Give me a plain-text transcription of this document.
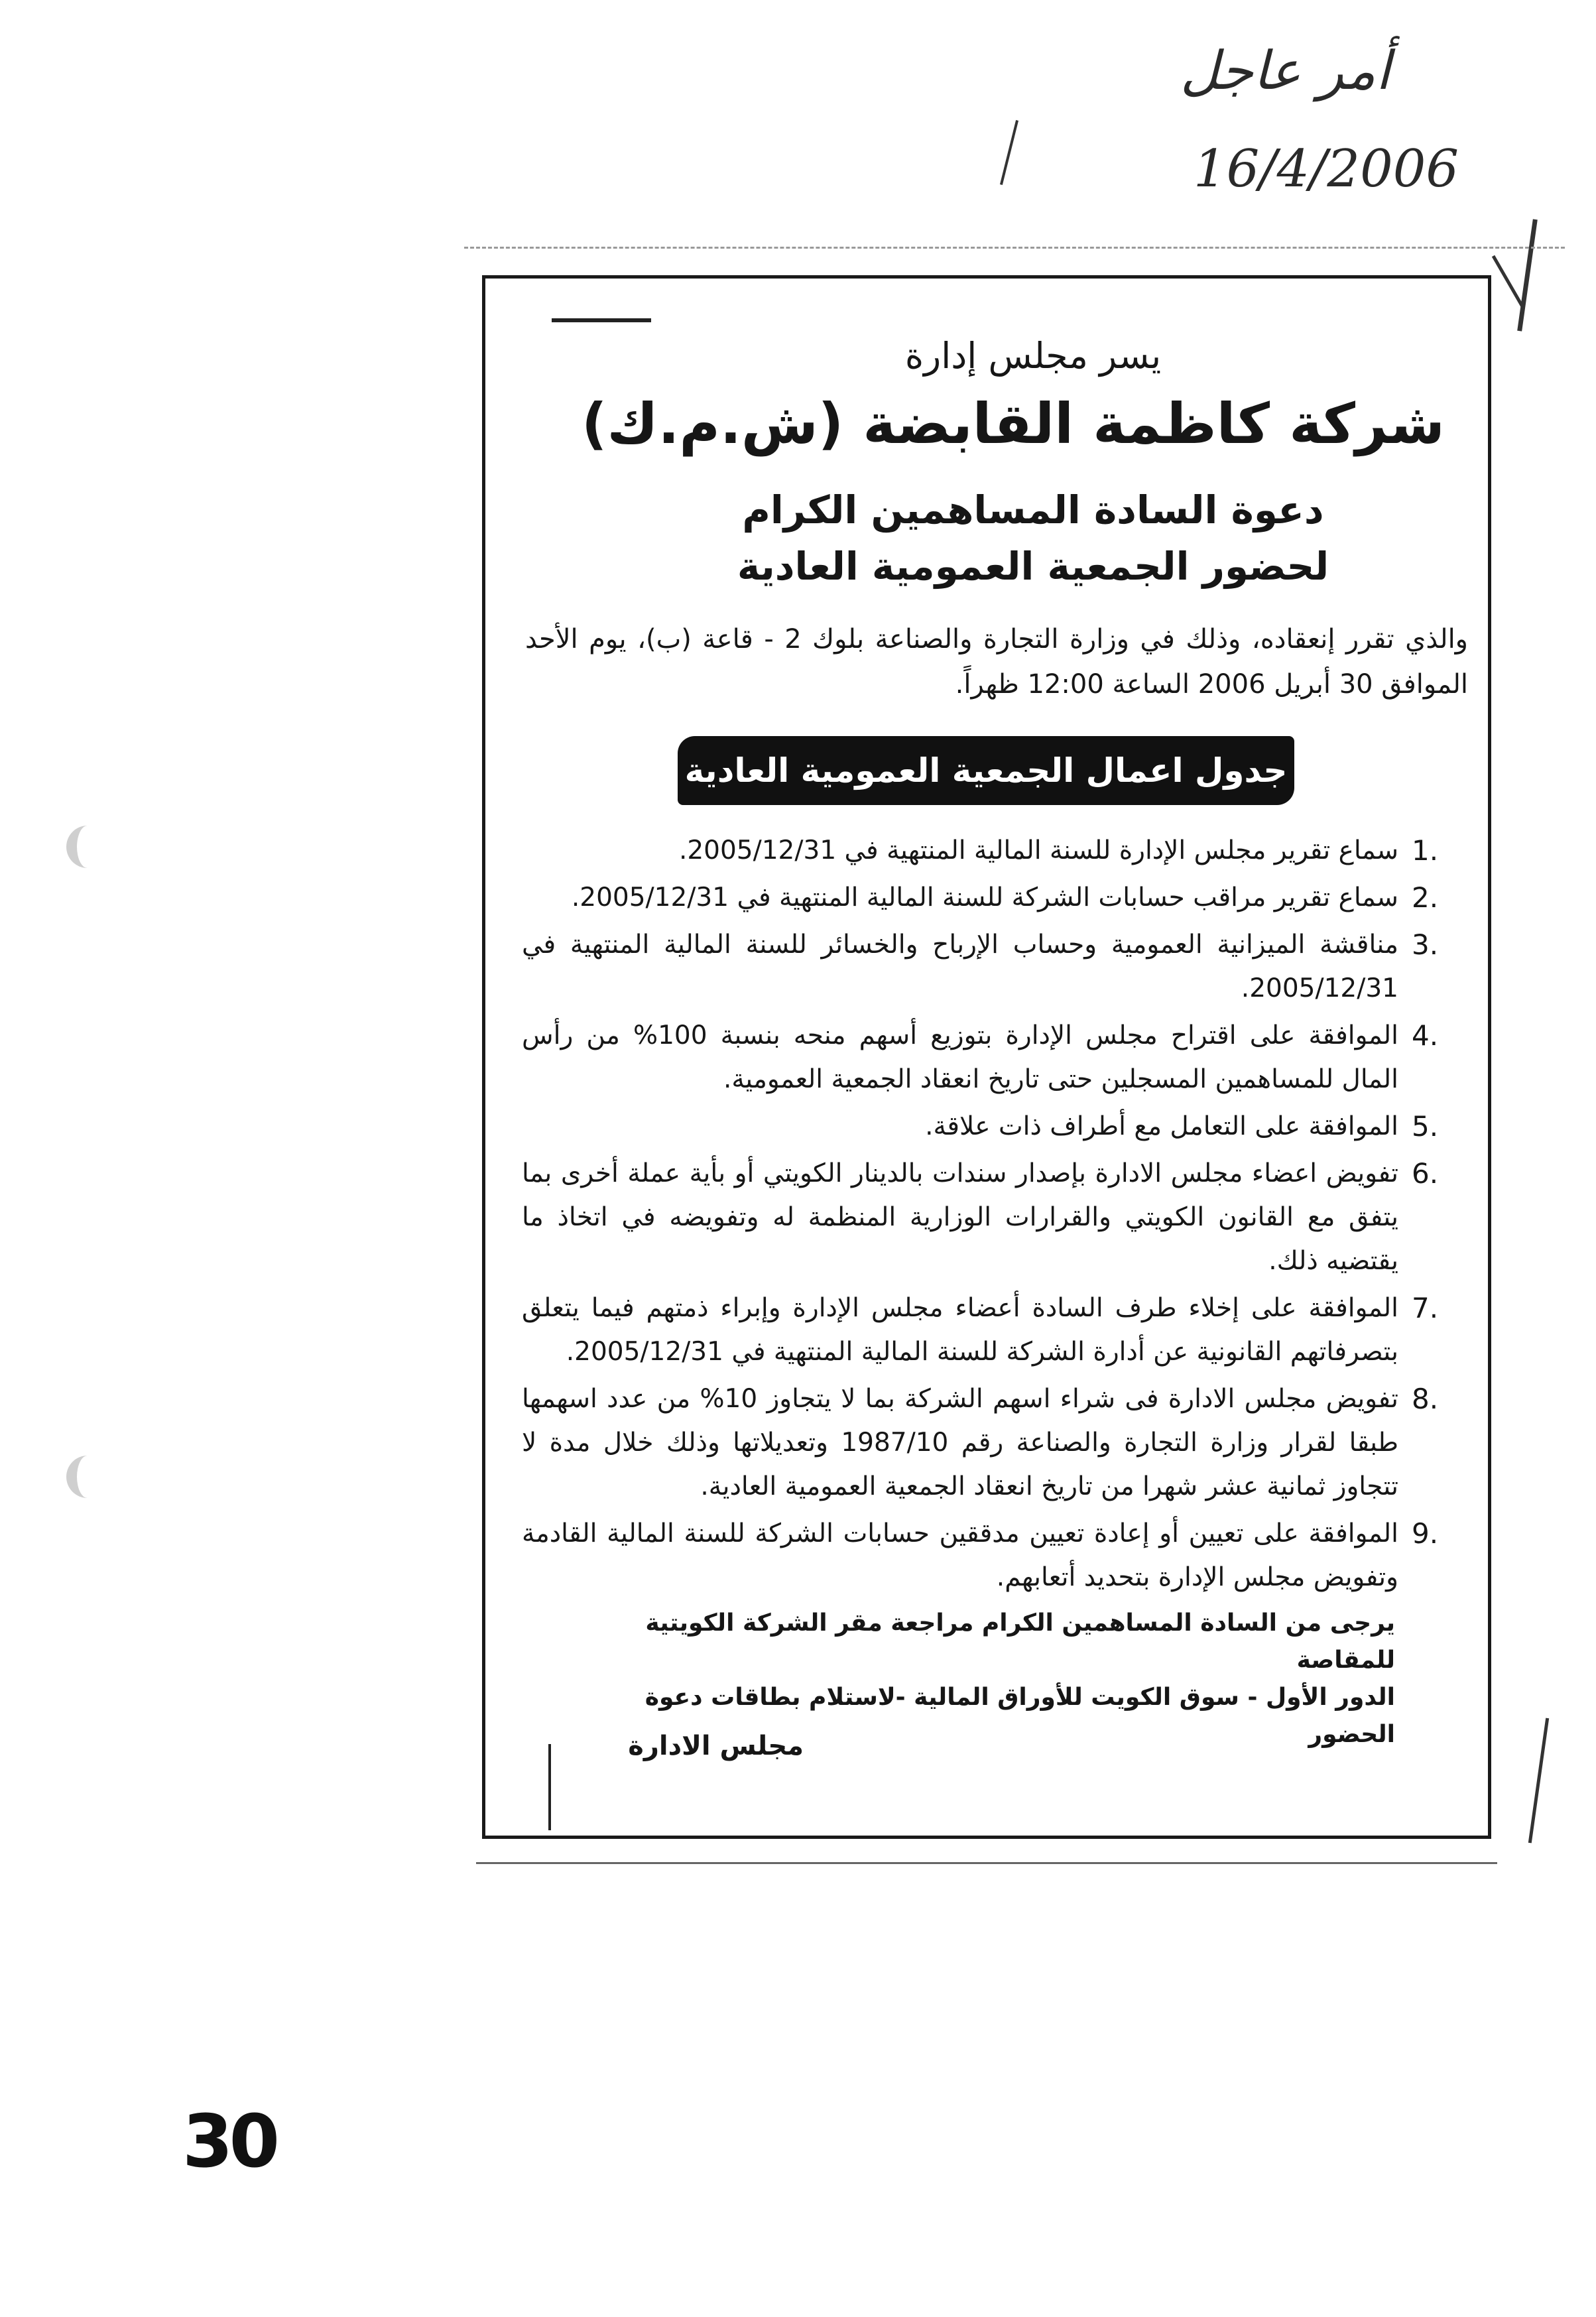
أمر عاجل
16/4/2006
يسر مجلس إدارة
شركة كاظمة القابضة (ش.م.ك)
دعوة السادة المساهمين الكرام
لحضور الجمعية العمومية العادية
والذي تقرر إنعقاده، وذلك في وزارة التجارة والصناعة بلوك 2 - قاعة (ب)، يوم الأحد الموافق 30 أبريل 2006 الساعة 12:00 ظهراً.
جدول اعمال الجمعية العمومية العادية
1.
سماع تقرير مجلس الإدارة للسنة المالية المنتهية في 2005/12/31.
2.
سماع تقرير مراقب حسابات الشركة للسنة المالية المنتهية في 2005/12/31.
3.
مناقشة الميزانية العمومية وحساب الإرباح والخسائر للسنة المالية المنتهية في 2005/12/31.
4.
الموافقة على اقتراح مجلس الإدارة بتوزيع أسهم منحه بنسبة 100% من رأس المال للمساهمين المسجلين حتى تاريخ انعقاد الجمعية العمومية.
5.
الموافقة على التعامل مع أطراف ذات علاقة.
6.
تفويض اعضاء مجلس الادارة بإصدار سندات بالدينار الكويتي أو بأية عملة أخرى بما يتفق مع القانون الكويتي والقرارات الوزارية المنظمة له وتفويضه في اتخاذ ما يقتضيه ذلك.
7.
الموافقة على إخلاء طرف السادة أعضاء مجلس الإدارة وإبراء ذمتهم فيما يتعلق بتصرفاتهم القانونية عن أدارة الشركة للسنة المالية المنتهية في 2005/12/31.
8.
تفويض مجلس الادارة فى شراء اسهم الشركة بما لا يتجاوز 10% من عدد اسهمها طبقا لقرار وزارة التجارة والصناعة رقم 1987/10 وتعديلاتها وذلك خلال مدة لا تتجاوز ثمانية عشر شهرا من تاريخ انعقاد الجمعية العمومية العادية.
9.
الموافقة على تعيين أو إعادة تعيين مدققين حسابات الشركة للسنة المالية القادمة وتفويض مجلس الإدارة بتحديد أتعابهم.
يرجى من السادة المساهمين الكرام مراجعة مقر الشركة الكويتية للمقاصة
الدور الأول - سوق الكويت للأوراق المالية -لاستلام بطاقات دعوة الحضور
مجلس الادارة
30
